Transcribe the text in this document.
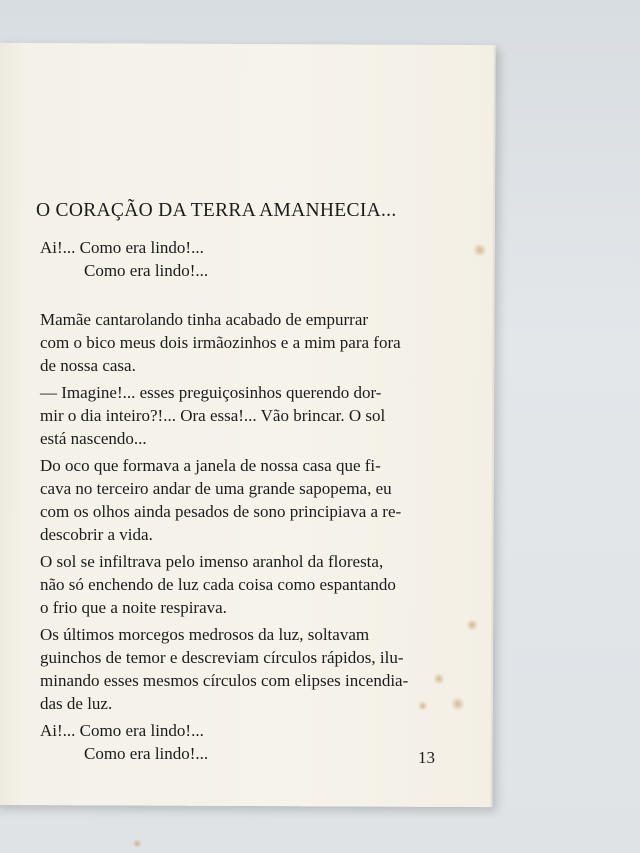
O CORAÇÃO DA TERRA AMANHECIA...
Ai!... Como era lindo!...
Como era lindo!...
Mamãe cantarolando tinha acabado de empurrar
com o bico meus dois irmãozinhos e a mim para fora
de nossa casa.
— Imagine!... esses preguiçosinhos querendo dor-
mir o dia inteiro?!... Ora essa!... Vão brincar. O sol
está nascendo...
Do oco que formava a janela de nossa casa que fi-
cava no terceiro andar de uma grande sapopema, eu
com os olhos ainda pesados de sono principiava a re-
descobrir a vida.
O sol se infiltrava pelo imenso aranhol da floresta,
não só enchendo de luz cada coisa como espantando
o frio que a noite respirava.
Os últimos morcegos medrosos da luz, soltavam
guinchos de temor e descreviam círculos rápidos, ilu-
minando esses mesmos círculos com elipses incendia-
das de luz.
Ai!... Como era lindo!...
Como era lindo!...	13
